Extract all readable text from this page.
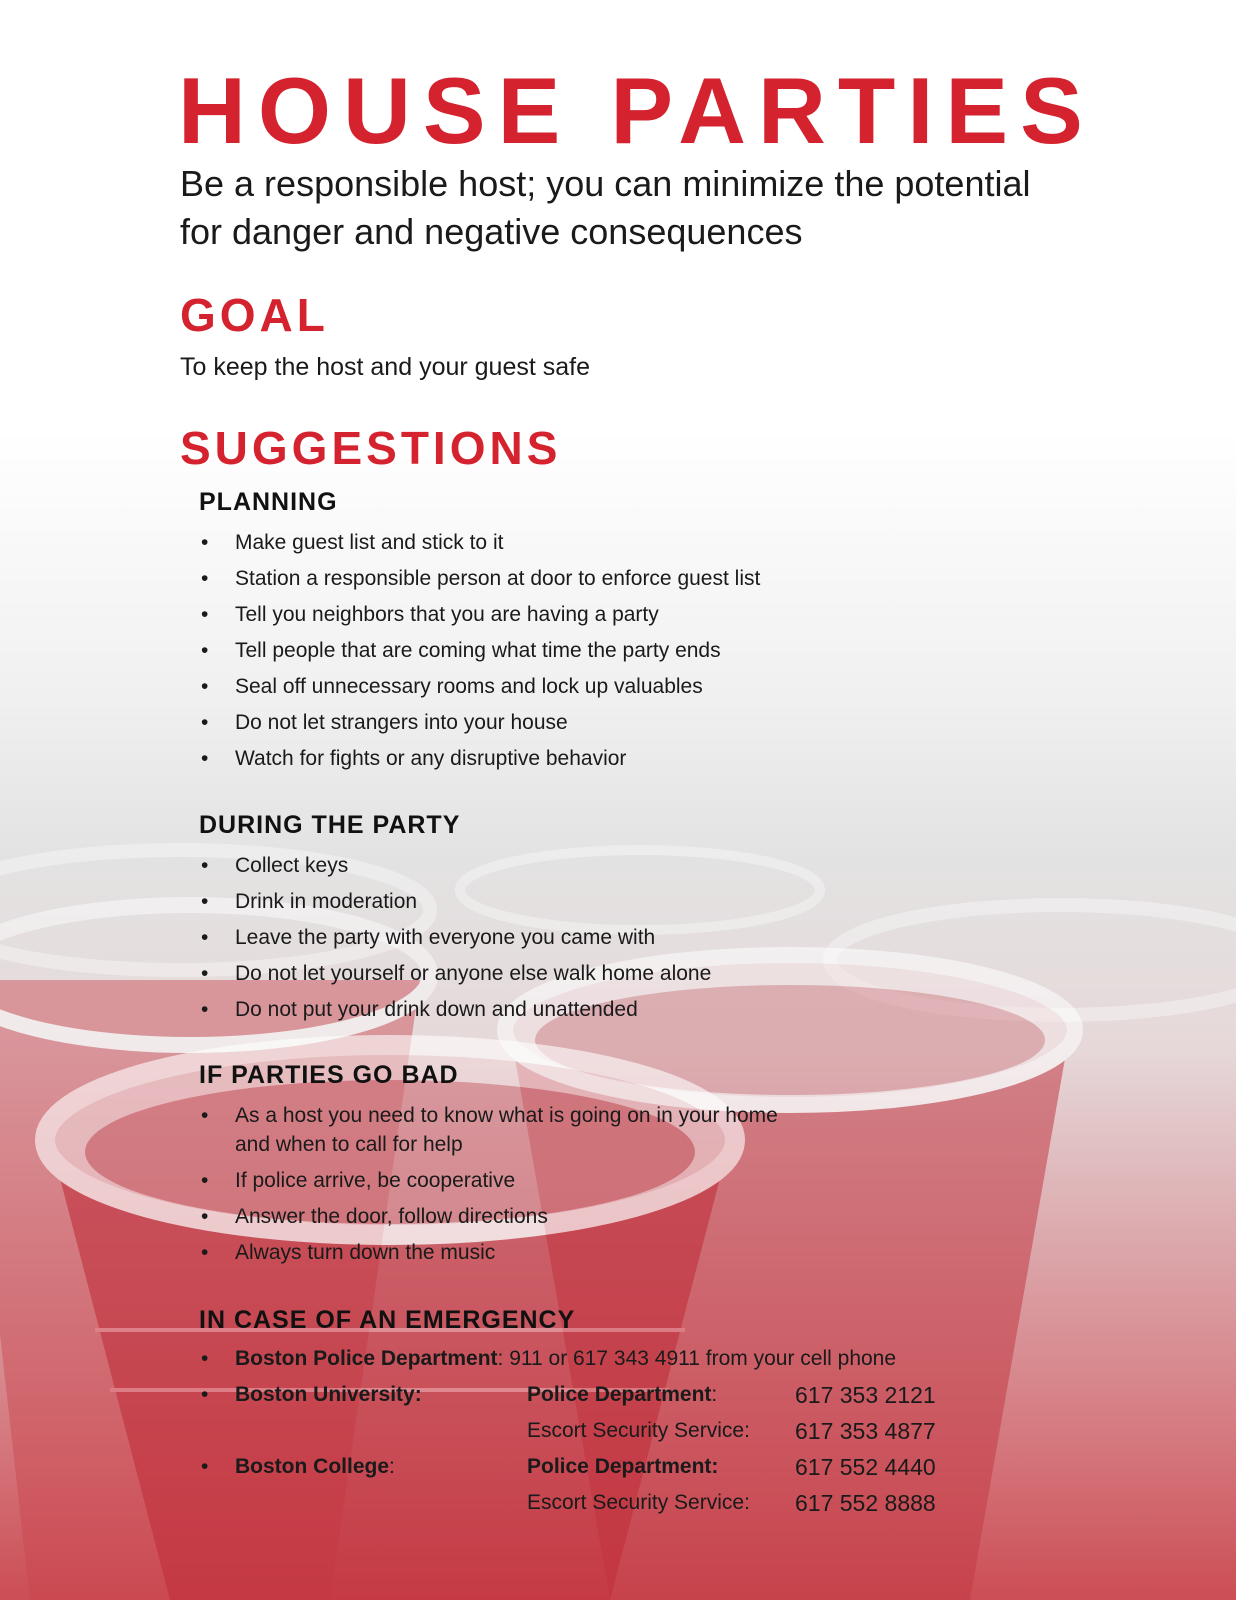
HOUSE PARTIES

Be a responsible host; you can minimize the potential for danger and negative consequences

GOAL

To keep the host and your guest safe

SUGGESTIONS
PLANNING
• Make guest list and stick to it
• Station a responsible person at door to enforce guest list
• Tell you neighbors that you are having a party
• Tell people that are coming what time the party ends
• Seal off unnecessary rooms and lock up valuables
• Do not let strangers into your house
• Watch for fights or any disruptive behavior
DURING THE PARTY
• Collect keys
• Drink in moderation
• Leave the party with everyone you came with
• Do not let yourself or anyone else walk home alone
• Do not put your drink down and unattended
IF PARTIES GO BAD
• As a host you need to know what is going on in your home
and when to call for help
• If police arrive, be cooperative
• Answer the door, follow directions
• Always turn down the music
IN CASE OF AN EMERGENCY
• Boston Police Department: 911 or 617 343 4911 from your cell phone
• Boston University:	Police Department:	617 353 2121
Escort Security Service: 617 353 4877
• Boston College:	Police Department:	617 552 4440
Escort Security Service: 617 552 8888
